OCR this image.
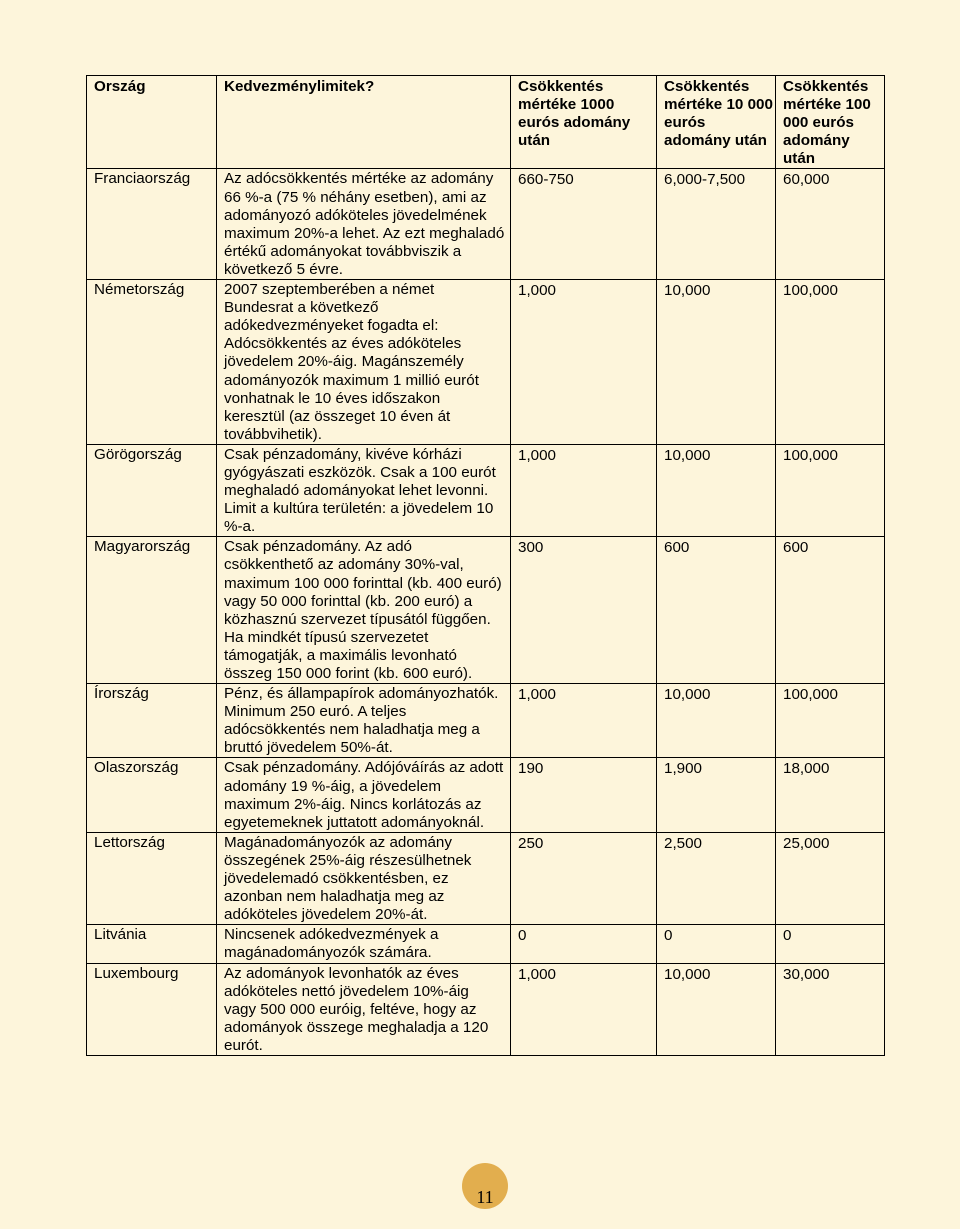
Ország	Kedvezménylimitek?	Csökkentés mértéke 1000 eurós adomány után	Csökkentés mértéke 10 000 eurós adomány után	Csökkentés mértéke 100 000 eurós adomány után
Franciaország	Az adócsökkentés mértéke az adomány 66 %-a (75 % néhány esetben), ami az adományozó adóköteles jövedelmének maximum 20%-a lehet. Az ezt meghaladó értékű adományokat továbbviszik a következő 5 évre.	660-750	6,000-7,500	60,000
Németország	2007 szeptemberében a német Bundesrat a következő adókedvezményeket fogadta el: Adócsökkentés az éves adóköteles jövedelem 20%-áig. Magánszemély adományozók maximum 1 millió eurót vonhatnak le 10 éves időszakon keresztül (az összeget 10 éven át továbbvihetik).	1,000	10,000	100,000
Görögország	Csak pénzadomány, kivéve kórházi gyógyászati eszközök. Csak a 100 eurót meghaladó adományokat lehet levonni. Limit a kultúra területén: a jövedelem 10 %-a.	1,000	10,000	100,000
Magyarország	Csak pénzadomány. Az adó csökkenthető az adomány 30%-val, maximum 100 000 forinttal (kb. 400 euró) vagy 50 000 forinttal (kb. 200 euró) a közhasznú szervezet típusától függően. Ha mindkét típusú szervezetet támogatják, a maximális levonható összeg 150 000 forint (kb. 600 euró).	300	600	600
Írország	Pénz, és állampapírok adományozhatók. Minimum 250 euró. A teljes adócsökkentés nem haladhatja meg a bruttó jövedelem 50%-át.	1,000	10,000	100,000
Olaszország	Csak pénzadomány. Adójóváírás az adott adomány 19 %-áig, a jövedelem maximum 2%-áig. Nincs korlátozás az egyetemeknek juttatott adományoknál.	190	1,900	18,000
Lettország	Magánadományozók az adomány összegének 25%-áig részesülhetnek jövedelemadó csökkentésben, ez azonban nem haladhatja meg az adóköteles jövedelem 20%-át.	250	2,500	25,000
Litvánia	Nincsenek adókedvezmények a magánadományozók számára.	0	0	0
Luxembourg	Az adományok levonhatók az éves adóköteles nettó jövedelem 10%-áig vagy 500 000 euróig, feltéve, hogy az adományok összege meghaladja a 120 eurót.	1,000	10,000	30,000
11
